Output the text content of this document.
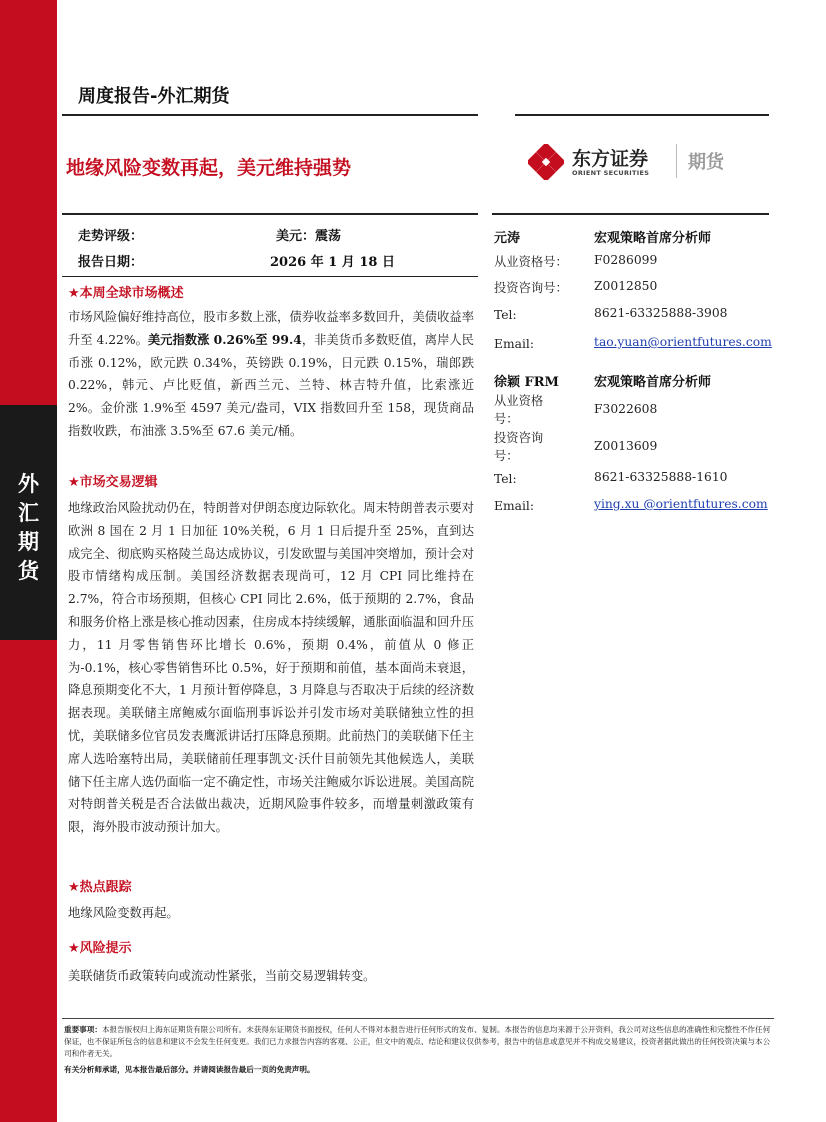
外
汇
期
货
周度报告-外汇期货
地缘风险变数再起，美元维持强势	东方证券
ORIENT SECURITIES 期货
走势评级：	美元：震荡
报告日期：	2026 年 1 月 18 日
★本周全球市场概述
市场风险偏好维持高位，股市多数上涨，债券收益率多数回升，美债收益率升至 4.22%。美元指数涨 0.26%至 99.4，非美货币多数贬值，离岸人民币涨 0.12%，欧元跌 0.34%，英镑跌 0.19%，日元跌 0.15%，瑞郎跌 0.22%，韩元、卢比贬值，新西兰元、兰特、林吉特升值，比索涨近 2%。金价涨 1.9%至 4597 美元/盎司，VIX 指数回升至 158，现货商品指数收跌，布油涨 3.5%至 67.6 美元/桶。
★市场交易逻辑
地缘政治风险扰动仍在，特朗普对伊朗态度边际软化。周末特朗普表示要对欧洲 8 国在 2 月 1 日加征 10%关税，6 月 1 日后提升至 25%，直到达成完全、彻底购买格陵兰岛达成协议，引发欧盟与美国冲突增加，预计会对股市情绪构成压制。美国经济数据表现尚可，12 月 CPI 同比维持在 2.7%，符合市场预期，但核心 CPI 同比 2.6%，低于预期的 2.7%，食品和服务价格上涨是核心推动因素，住房成本持续缓解，通胀面临温和回升压力，11 月零售销售环比增长 0.6%，预期 0.4%，前值从 0 修正为-0.1%，核心零售销售环比 0.5%，好于预期和前值，基本面尚未衰退，降息预期变化不大，1 月预计暂停降息，3 月降息与否取决于后续的经济数据表现。美联储主席鲍威尔面临刑事诉讼并引发市场对美联储独立性的担忧，美联储多位官员发表鹰派讲话打压降息预期。此前热门的美联储下任主席人选哈塞特出局，美联储前任理事凯文·沃什目前领先其他候选人，美联储下任主席人选仍面临一定不确定性，市场关注鲍威尔诉讼进展。美国高院对特朗普关税是否合法做出裁决，近期风险事件较多，而增量刺激政策有限，海外股市波动预计加大。
★热点跟踪
地缘风险变数再起。
★风险提示
美联储货币政策转向或流动性紧张，当前交易逻辑转变。
元涛	宏观策略首席分析师
从业资格号：	F0286099
投资咨询号：	Z0012850
Tel:	8621-63325888-3908
Email:	tao.yuan@orientfutures.com
徐颖 FRM	宏观策略首席分析师
从业资格号：
F3022608
投资咨询号：
Z0013609
Tel:	8621-63325888-1610
Email:	ying.xu @orientfutures.com
重要事项：本报告版权归上海东证期货有限公司所有。未获得东证期货书面授权，任何人不得对本报告进行任何形式的发布、复制。本报告的信息均来源于公开资料，我公司对这些信息的准确性和完整性不作任何保证，也不保证所包含的信息和建议不会发生任何变更。我们已力求报告内容的客观、公正，但文中的观点、结论和建议仅供参考，报告中的信息或意见并不构成交易建议，投资者据此做出的任何投资决策与本公司和作者无关。
有关分析师承诺，见本报告最后部分。并请阅读报告最后一页的免责声明。
